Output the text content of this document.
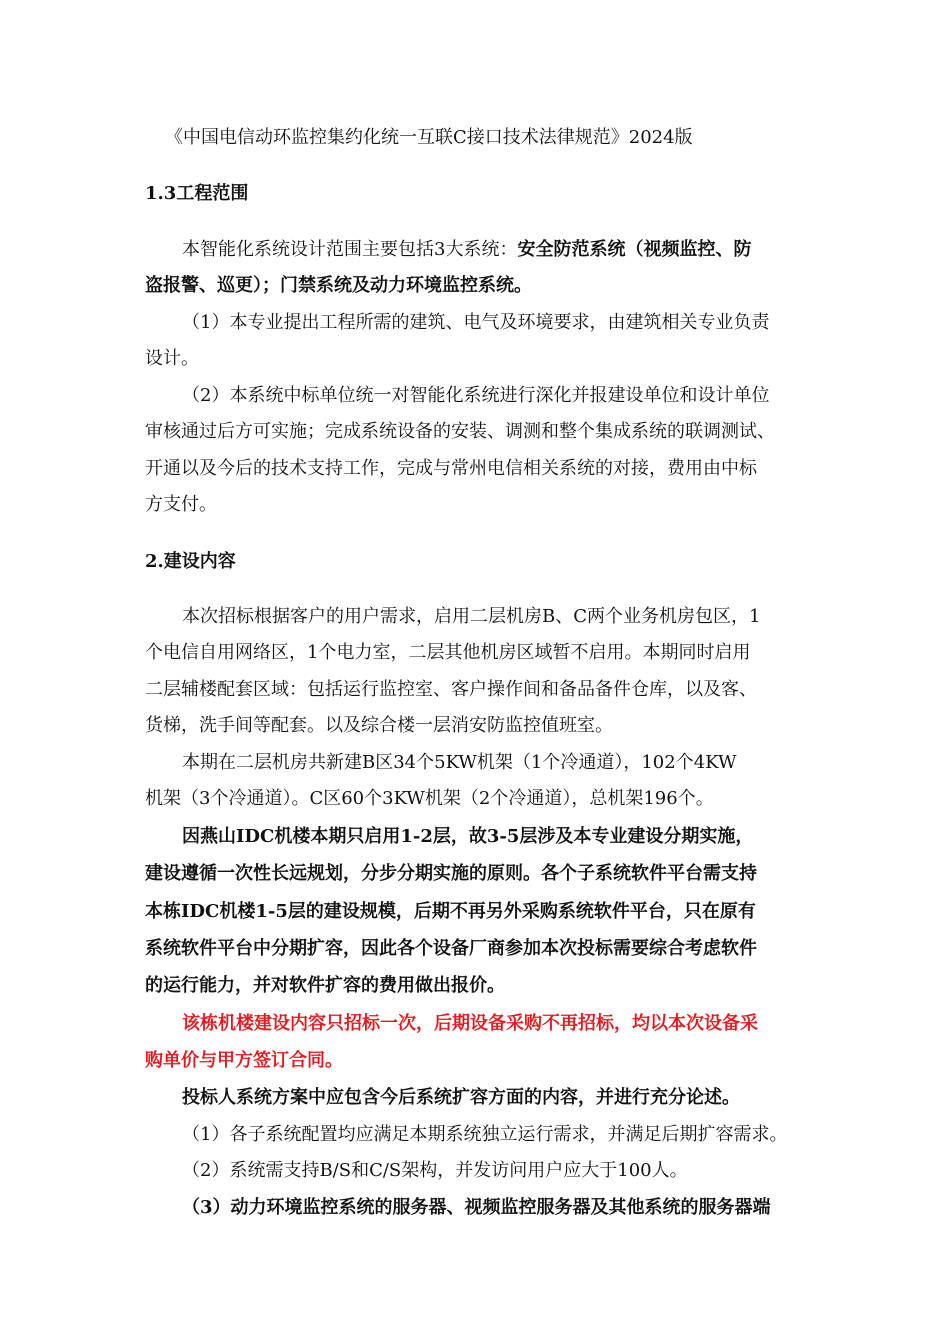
《中国电信动环监控集约化统一互联C接口技术法律规范》2024版
1.3工程范围
本智能化系统设计范围主要包括3大系统：安全防范系统（视频监控、防
盗报警、巡更）；门禁系统及动力环境监控系统。
（1）本专业提出工程所需的建筑、电气及环境要求，由建筑相关专业负责
设计。
（2）本系统中标单位统一对智能化系统进行深化并报建设单位和设计单位
审核通过后方可实施；完成系统设备的安装、调测和整个集成系统的联调测试、
开通以及今后的技术支持工作，完成与常州电信相关系统的对接，费用由中标
方支付。
2.建设内容
本次招标根据客户的用户需求，启用二层机房B、C两个业务机房包区，1
个电信自用网络区，1个电力室，二层其他机房区域暂不启用。本期同时启用
二层辅楼配套区域：包括运行监控室、客户操作间和备品备件仓库，以及客、
货梯，洗手间等配套。以及综合楼一层消安防监控值班室。
本期在二层机房共新建B区34个5KW机架（1个冷通道），102个4KW
机架（3个冷通道）。C区60个3KW机架（2个冷通道），总机架196个。
因燕山IDC机楼本期只启用1-2层，故3-5层涉及本专业建设分期实施，
建设遵循一次性长远规划，分步分期实施的原则。各个子系统软件平台需支持
本栋IDC机楼1-5层的建设规模，后期不再另外采购系统软件平台，只在原有
系统软件平台中分期扩容，因此各个设备厂商参加本次投标需要综合考虑软件
的运行能力，并对软件扩容的费用做出报价。
该栋机楼建设内容只招标一次，后期设备采购不再招标，均以本次设备采
购单价与甲方签订合同。
投标人系统方案中应包含今后系统扩容方面的内容，并进行充分论述。
（1）各子系统配置均应满足本期系统独立运行需求，并满足后期扩容需求。
（2）系统需支持B/S和C/S架构，并发访问用户应大于100人。
（3）动力环境监控系统的服务器、视频监控服务器及其他系统的服务器端
